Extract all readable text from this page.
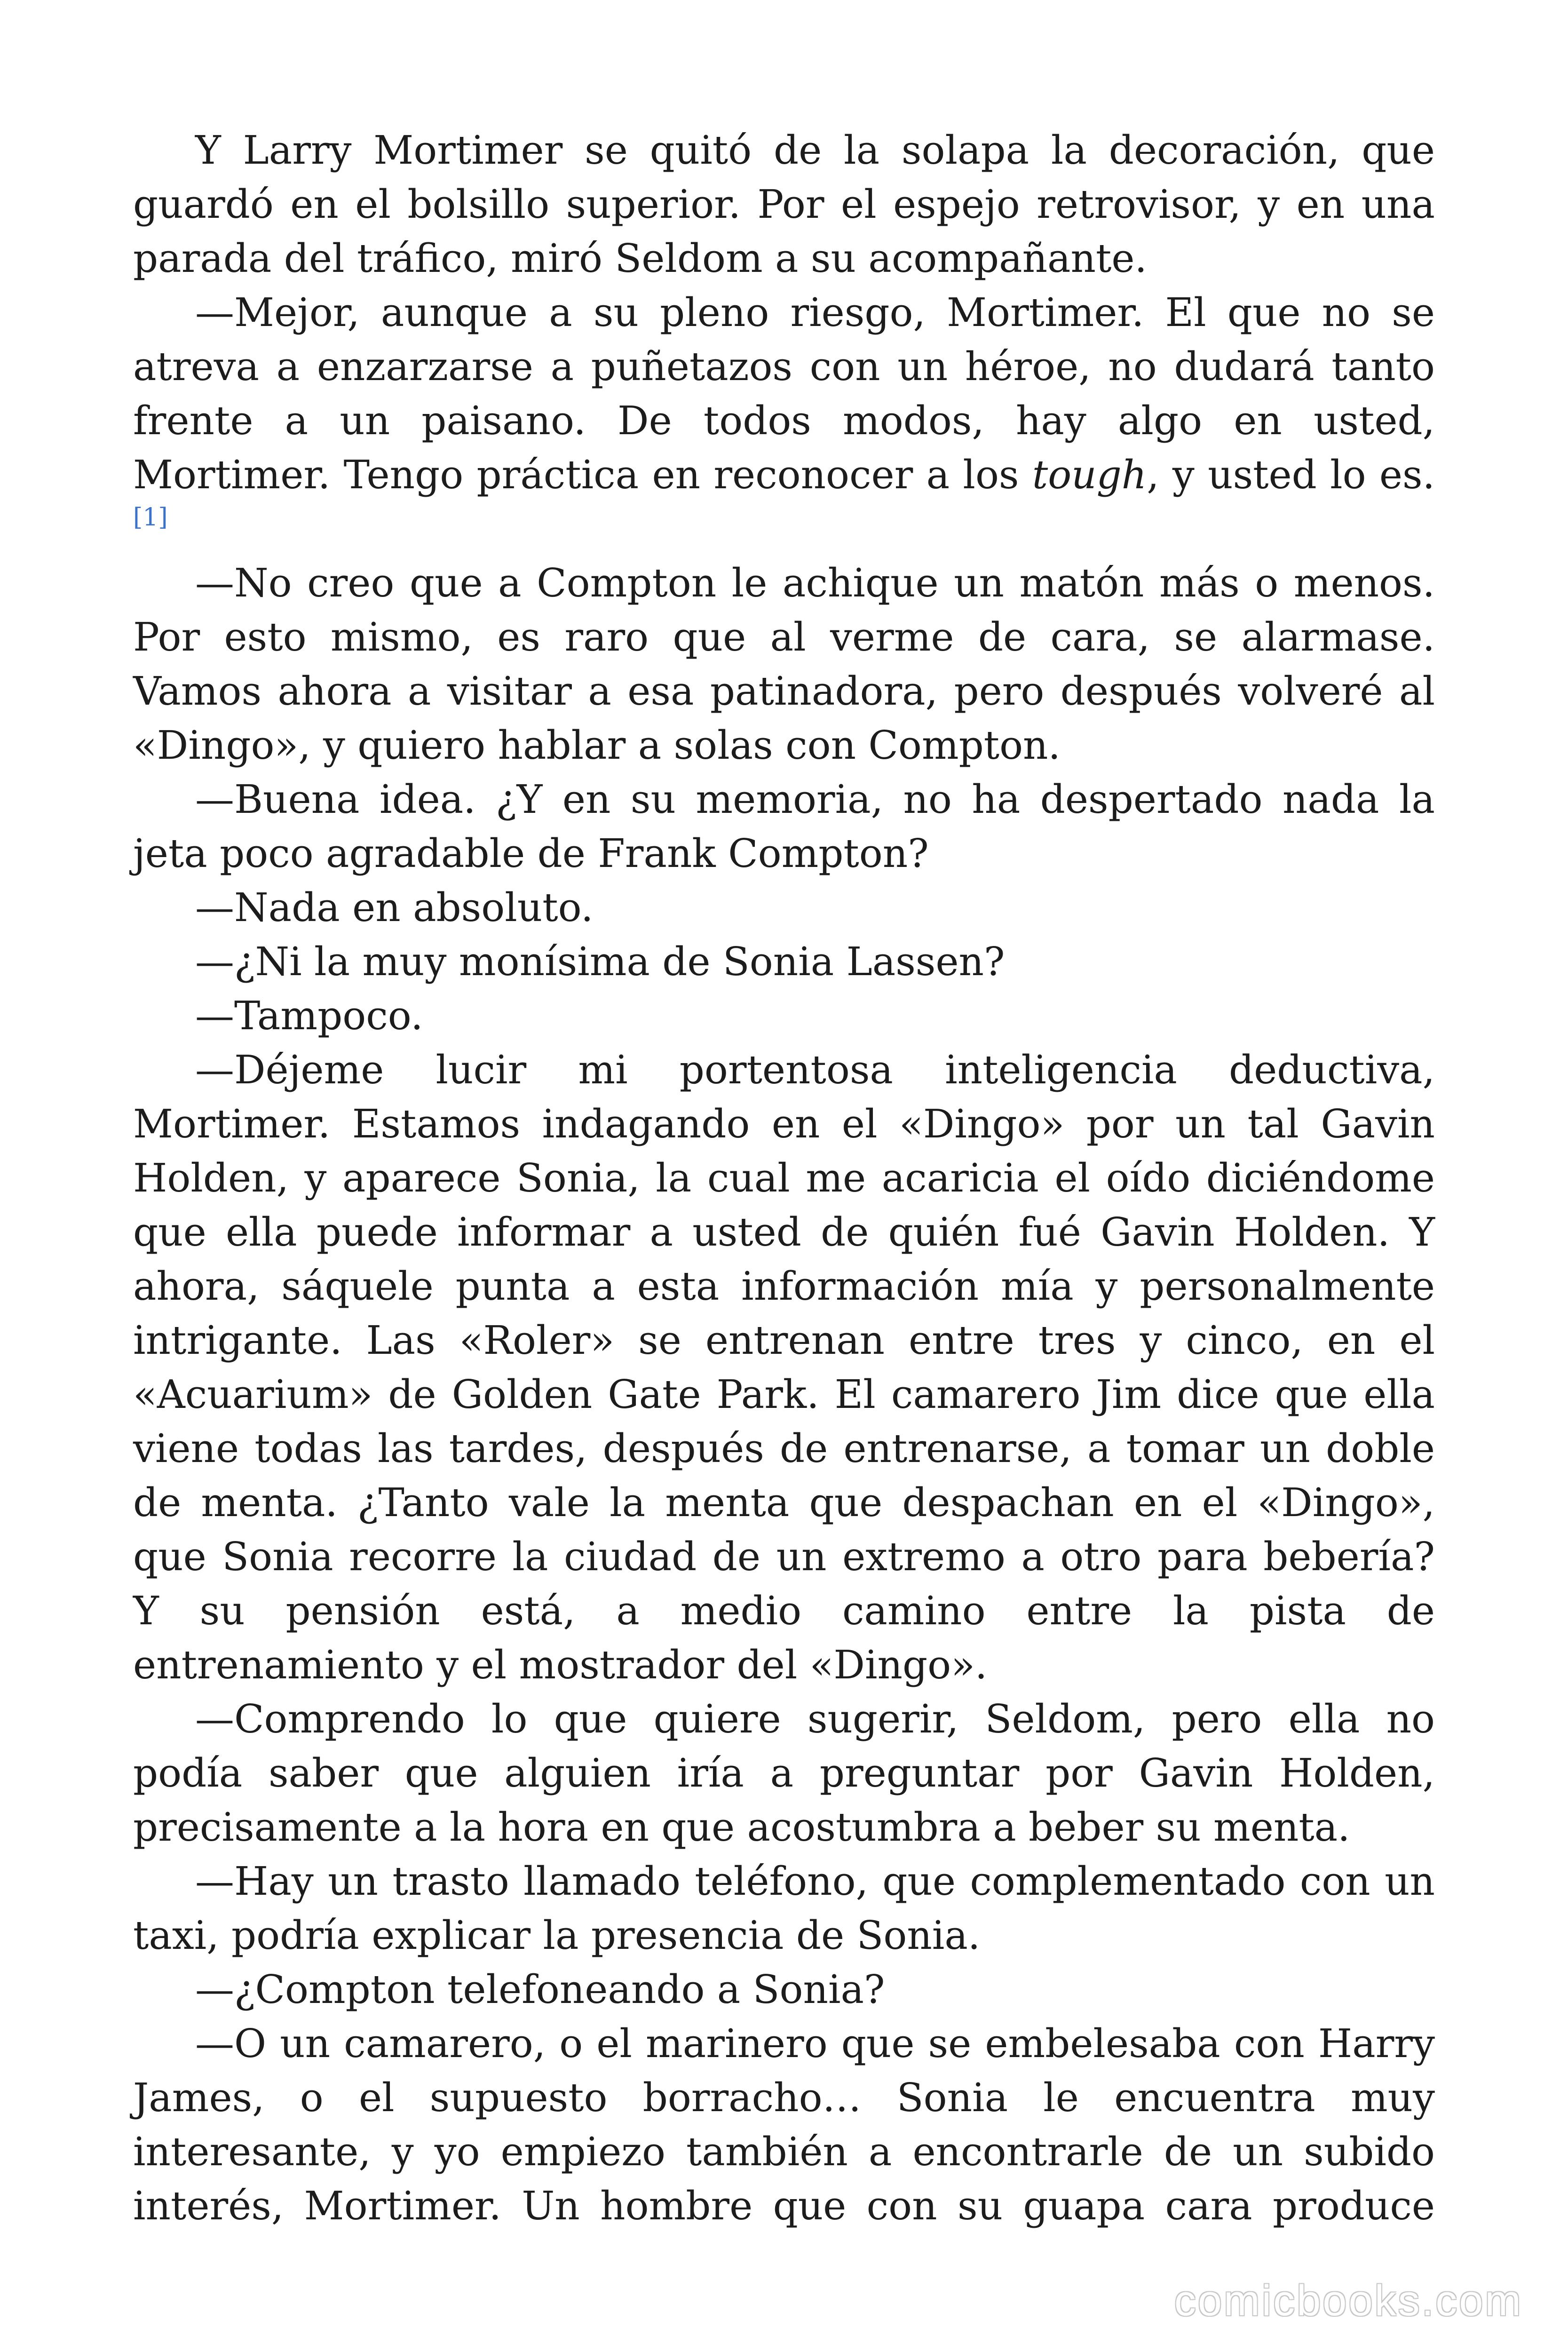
Y Larry Mortimer se quitó de la solapa la decoración, que guardó en el bolsillo superior. Por el espejo retrovisor, y en una parada del tráfico, miró Seldom a su acompañante.

—Mejor, aunque a su pleno riesgo, Mortimer. El que no se atreva a enzarzarse a puñetazos con un héroe, no dudará tanto frente a un paisano. De todos modos, hay algo en usted, Mortimer. Tengo práctica en reconocer a los tough, y usted lo es.[1]

—No creo que a Compton le achique un matón más o menos. Por esto mismo, es raro que al verme de cara, se alarmase. Vamos ahora a visitar a esa patinadora, pero después volveré al «Dingo», y quiero hablar a solas con Compton.

—Buena idea. ¿Y en su memoria, no ha despertado nada la jeta poco agradable de Frank Compton?

—Nada en absoluto.

—¿Ni la muy monísima de Sonia Lassen?

—Tampoco.

—Déjeme lucir mi portentosa inteligencia deductiva, Mortimer. Estamos indagando en el «Dingo» por un tal Gavin Holden, y aparece Sonia, la cual me acaricia el oído diciéndome que ella puede informar a usted de quién fué Gavin Holden. Y ahora, sáquele punta a esta información mía y personalmente intrigante. Las «Roler» se entrenan entre tres y cinco, en el «Acuarium» de Golden Gate Park. El camarero Jim dice que ella viene todas las tardes, después de entrenarse, a tomar un doble de menta. ¿Tanto vale la menta que despachan en el «Dingo», que Sonia recorre la ciudad de un extremo a otro para bebería? Y su pensión está, a medio camino entre la pista de entrenamiento y el mostrador del «Dingo».

—Comprendo lo que quiere sugerir, Seldom, pero ella no podía saber que alguien iría a preguntar por Gavin Holden, precisamente a la hora en que acostumbra a beber su menta.

—Hay un trasto llamado teléfono, que complementado con un taxi, podría explicar la presencia de Sonia.

—¿Compton telefoneando a Sonia?

—O un camarero, o el marinero que se embelesaba con Harry James, o el supuesto borracho… Sonia le encuentra muy interesante, y yo empiezo también a encontrarle de un subido interés, Mortimer. Un hombre que con su guapa cara produce

comicbooks.com
